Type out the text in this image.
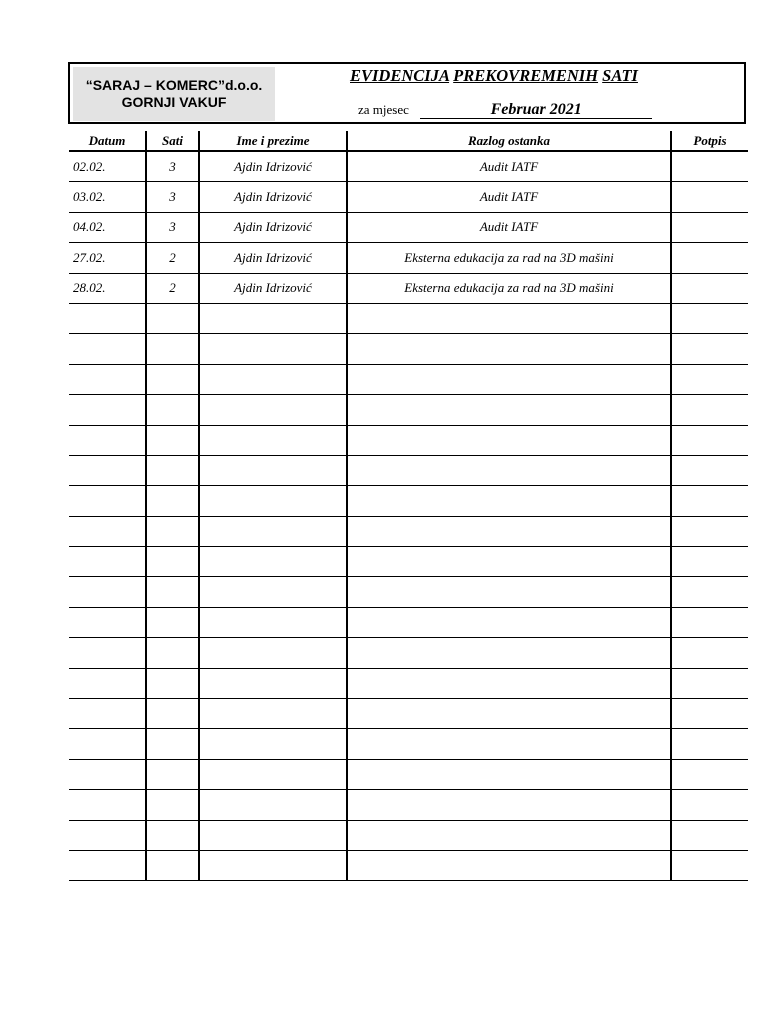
“SARAJ – KOMERC”d.o.o.
GORNJI VAKUF
EVIDENCIJA PREKOVREMENIH SATI
za mjesec	Februar 2021
Datum	Sati	Ime i prezime	Razlog ostanka	Potpis
02.02.	3	Ajdin Idrizović	Audit IATF	
03.02.	3	Ajdin Idrizović	Audit IATF	
04.02.	3	Ajdin Idrizović	Audit IATF	
27.02.	2	Ajdin Idrizović	Eksterna edukacija za rad na 3D mašini	
28.02.	2	Ajdin Idrizović	Eksterna edukacija za rad na 3D mašini	
